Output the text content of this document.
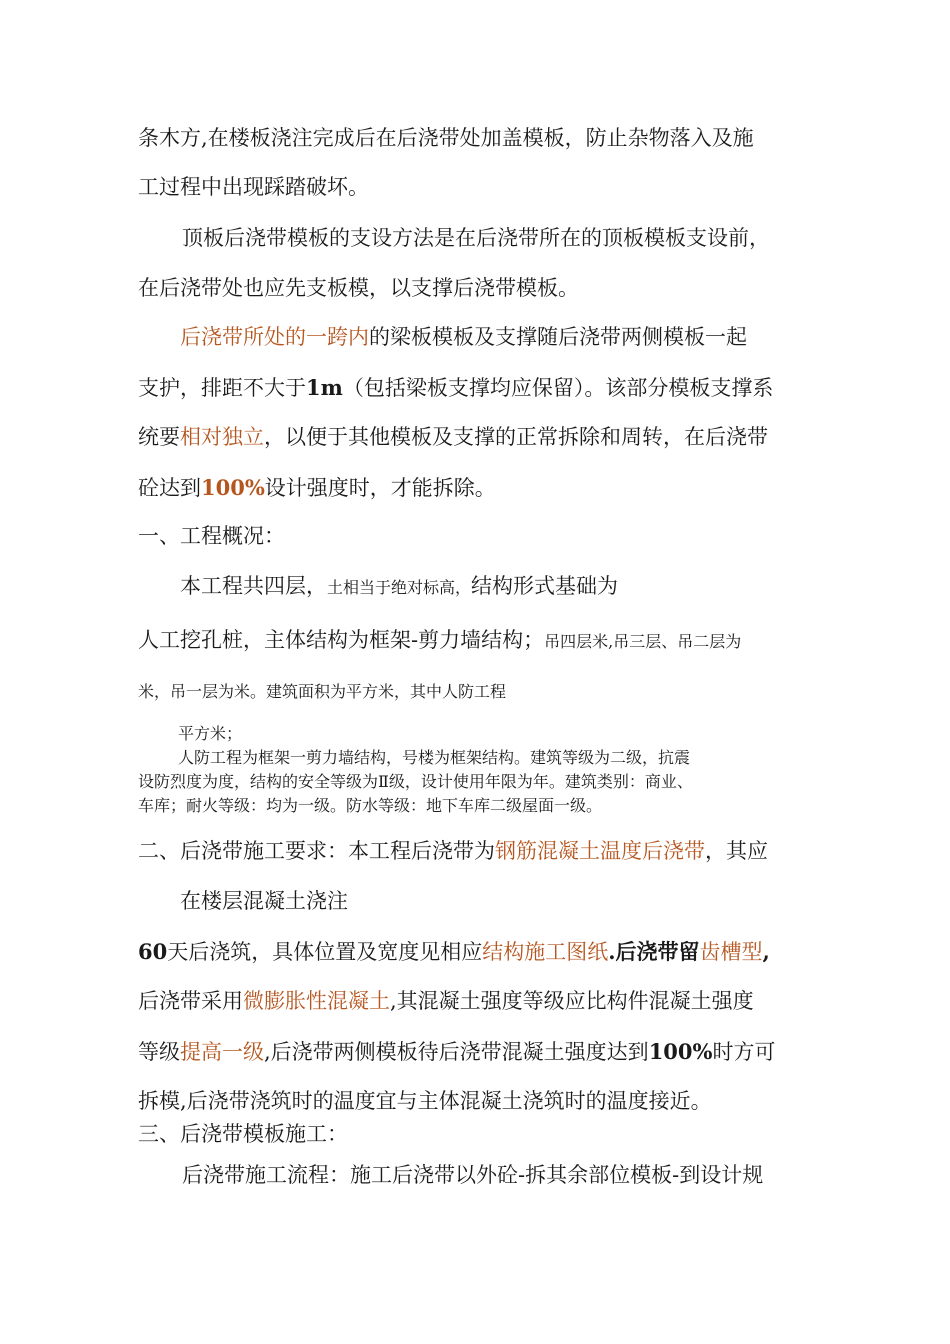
条木方,在楼板浇注完成后在后浇带处加盖模板，防止杂物落入及施
工过程中出现踩踏破坏。
顶板后浇带模板的支设方法是在后浇带所在的顶板模板支设前，
在后浇带处也应先支板模，以支撑后浇带模板。
后浇带所处的一跨内的梁板模板及支撑随后浇带两侧模板一起
支护，排距不大于1m（包括梁板支撑均应保留）。该部分模板支撑系
统要相对独立，以便于其他模板及支撑的正常拆除和周转，在后浇带
砼达到100%设计强度时，才能拆除。
一、工程概况：
本工程共四层，土相当于绝对标高，结构形式基础为
人工挖孔桩，主体结构为框架-剪力墙结构；吊四层米,吊三层、吊二层为
米，吊一层为米。建筑面积为平方米，其中人防工程
平方米；
人防工程为框架一剪力墙结构，号楼为框架结构。建筑等级为二级，抗震
设防烈度为度，结构的安全等级为Ⅱ级，设计使用年限为年。建筑类别：商业、
车库；耐火等级：均为一级。防水等级：地下车库二级屋面一级。
二、后浇带施工要求：本工程后浇带为钢筋混凝土温度后浇带，其应
在楼层混凝土浇注
60天后浇筑，具体位置及宽度见相应结构施工图纸.后浇带留齿槽型,
后浇带采用微膨胀性混凝土,其混凝土强度等级应比构件混凝土强度
等级提高一级,后浇带两侧模板待后浇带混凝土强度达到100%时方可
拆模,后浇带浇筑时的温度宜与主体混凝土浇筑时的温度接近。
三、后浇带模板施工：
后浇带施工流程：施工后浇带以外砼-拆其余部位模板-到设计规
